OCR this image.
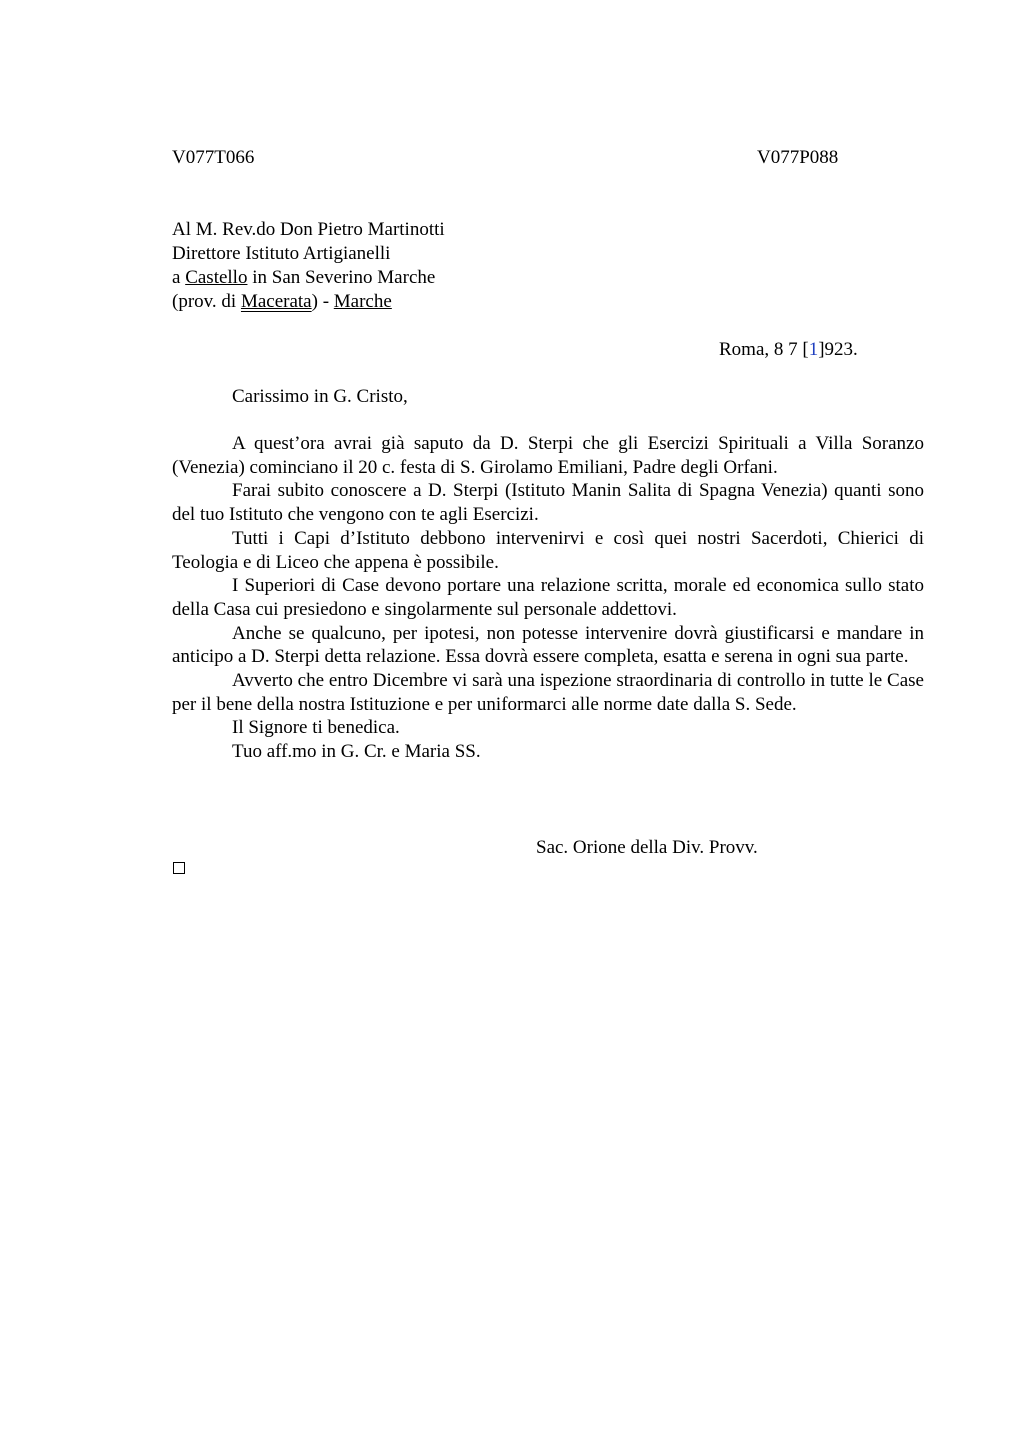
V077T066	V077P088
Al M. Rev.do Don Pietro Martinotti
Direttore Istituto Artigianelli
a Castello in San Severino Marche
(prov. di Macerata) - Marche
Roma, 8 7 [1]923.
Carissimo in G. Cristo,

A quest’ora avrai già saputo da D. Sterpi che gli Esercizi Spirituali a Villa Soranzo (Venezia) cominciano il 20 c. festa di S. Girolamo Emiliani, Padre degli Orfani.

Farai subito conoscere a D. Sterpi (Istituto Manin Salita di Spagna Venezia) quanti sono del tuo Istituto che vengono con te agli Esercizi.

Tutti i Capi d’Istituto debbono intervenirvi e così quei nostri Sacerdoti, Chierici di Teologia e di Liceo che appena è possibile.

I Superiori di Case devono portare una relazione scritta, morale ed economica sullo stato della Casa cui presiedono e singolarmente sul personale addettovi.

Anche se qualcuno, per ipotesi, non potesse intervenire dovrà giustificarsi e mandare in anticipo a D. Sterpi detta relazione. Essa dovrà essere completa, esatta e serena in ogni sua parte.

Avverto che entro Dicembre vi sarà una ispezione straordinaria di controllo in tutte le Case per il bene della nostra Istituzione e per uniformarci alle norme date dalla S. Sede.

Il Signore ti benedica.

Tuo aff.mo in G. Cr. e Maria SS.

Sac. Orione della Div. Provv.
